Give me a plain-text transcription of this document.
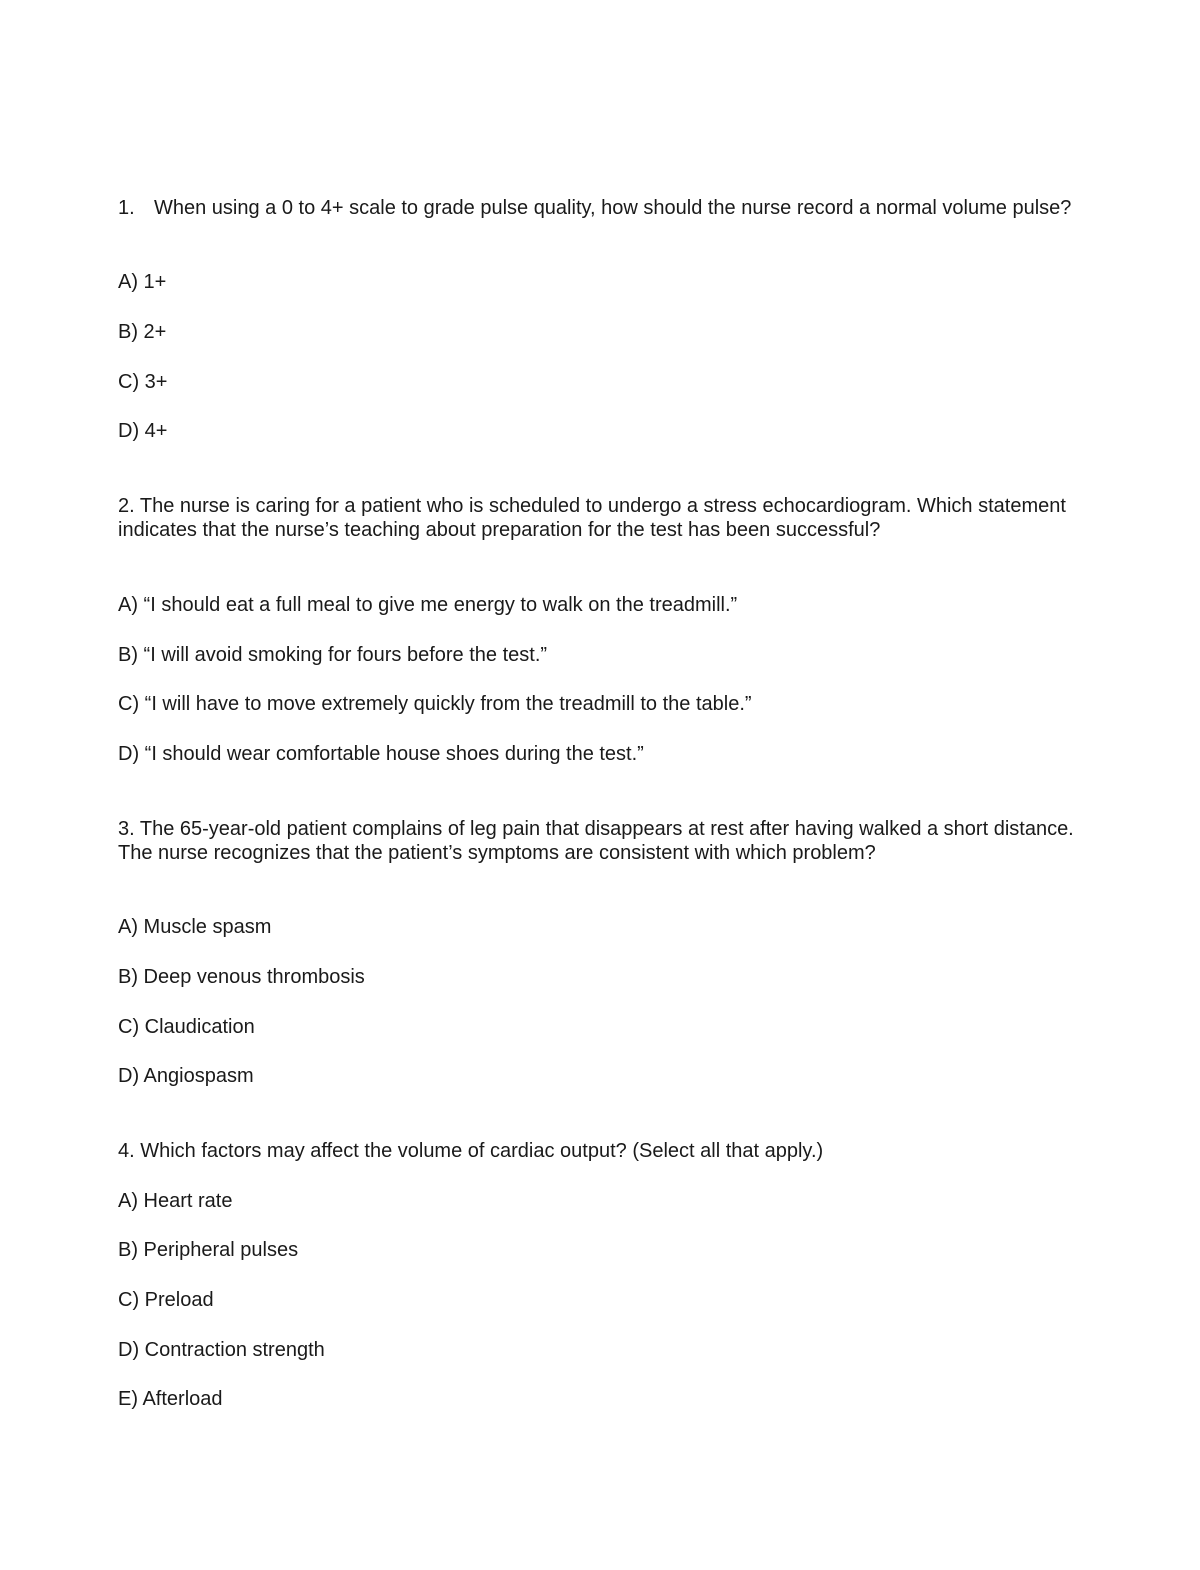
1. When using a 0 to 4+ scale to grade pulse quality, how should the nurse record a normal volume pulse?
A) 1+
B) 2+
C) 3+
D) 4+
2. The nurse is caring for a patient who is scheduled to undergo a stress echocardiogram. Which statement indicates that the nurse’s teaching about preparation for the test has been successful?
A) “I should eat a full meal to give me energy to walk on the treadmill.”
B) “I will avoid smoking for fours before the test.”
C) “I will have to move extremely quickly from the treadmill to the table.”
D) “I should wear comfortable house shoes during the test.”
3. The 65-year-old patient complains of leg pain that disappears at rest after having walked a short distance. The nurse recognizes that the patient’s symptoms are consistent with which problem?
A) Muscle spasm
B) Deep venous thrombosis
C) Claudication
D) Angiospasm
4. Which factors may affect the volume of cardiac output? (Select all that apply.)
A) Heart rate
B) Peripheral pulses
C) Preload
D) Contraction strength
E) Afterload
